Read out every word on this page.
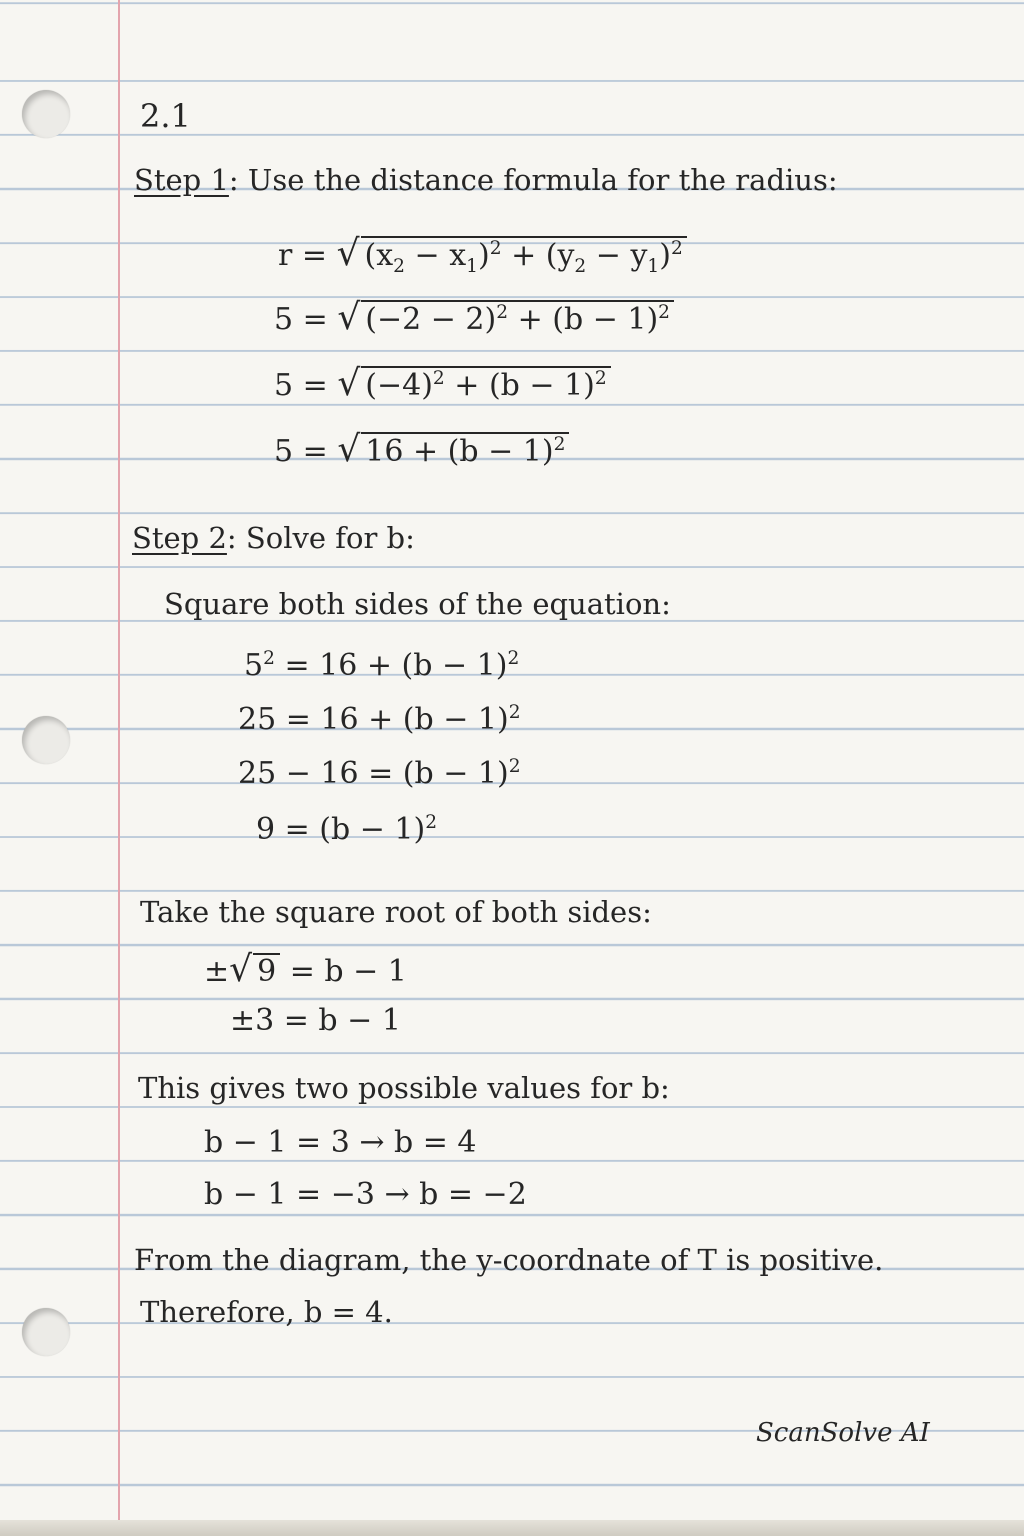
2.1
Step 1: Use the distance formula for the radius:
r = √ $(x_2 - x_1)^2 + (y_2 - y_1)^2$
5 = √ $(-2 - 2)^2 + (b - 1)^2$
5 = √ $(-4)^2 + (b - 1)^2$
5 = √ $16 + (b - 1)^2$
Step 2: Solve for b:
Square both sides of the equation:
$5^2 = 16 + (b - 1)^2$
$25 = 16 + (b - 1)^2$
$25 - 16 = (b - 1)^2$
$9 = (b - 1)^2$
Take the square root of both sides:
±√ 9 = b − 1
±3 = b − 1
This gives two possible values for b:
b − 1 = 3 → b = 4
b − 1 = −3 → b = −2
From the diagram, the y-coordnate of T is positive.
Therefore, b = 4.
ScanSolve AI
